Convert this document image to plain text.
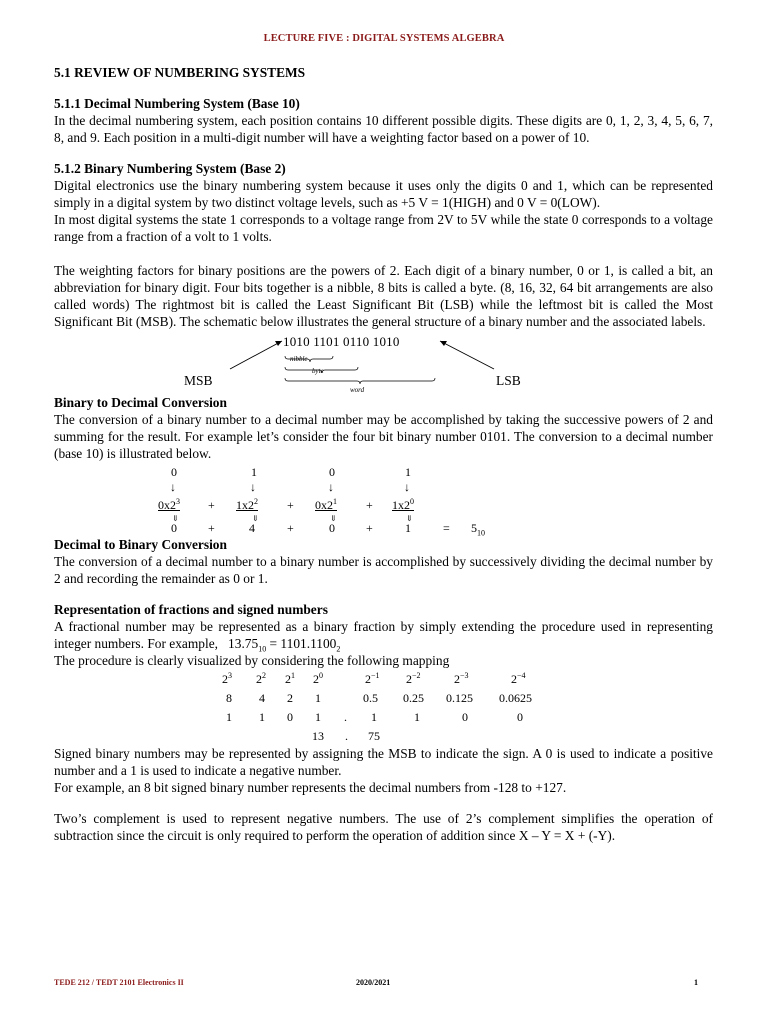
LECTURE FIVE : DIGITAL SYSTEMS ALGEBRA
5.1 REVIEW OF NUMBERING SYSTEMS
5.1.1 Decimal Numbering System (Base 10)

In the decimal numbering system, each position contains 10 different possible digits. These digits are 0, 1, 2, 3, 4, 5, 6, 7, 8, and 9. Each position in a multi-digit number will have a weighting factor based on a power of 10.

5.1.2 Binary Numbering System (Base 2)

Digital electronics use the binary numbering system because it uses only the digits 0 and 1, which can be represented simply in a digital system by two distinct voltage levels, such as +5 V = 1(HIGH) and 0 V = 0(LOW).

In most digital systems the state 1 corresponds to a voltage range from 2V to 5V while the state 0 corresponds to a voltage range from a fraction of a volt to 1 volts.

The weighting factors for binary positions are the powers of 2. Each digit of a binary number, 0 or 1, is called a bit, an abbreviation for binary digit. Four bits together is a nibble, 8 bits is called a byte. (8, 16, 32, 64 bit arrangements are also called words) The rightmost bit is called the Least Significant Bit (LSB) while the leftmost bit is called the Most Significant Bit (MSB). The schematic below illustrates the general structure of a binary number and the associated labels.

1010 1101 0110 1010
nibble
byte
word
MSB	LSB
Binary to Decimal Conversion

The conversion of a binary number to a decimal number may be accomplished by taking the successive powers of 2 and summing for the result. For example let’s consider the four bit binary number 0101. The conversion to a decimal number (base 10) is illustrated below.

0	1	0	1
↓	↓	↓	↓
$0x2^3 + 1x2^2 + 0x2^1 + 1x2^0$
⇓	⇓	⇓	⇓
0	+	4	+	0	+	1	= $5_{10}$
Decimal to Binary Conversion

The conversion of a decimal number to a binary number is accomplished by successively dividing the decimal number by 2 and recording the remainder as 0 or 1.

Representation of fractions and signed numbers

A fractional number may be represented as a binary fraction by simply extending the procedure used in representing integer numbers. For example, $13.75_{10} = 1101.1100_2$

The procedure is clearly visualized by considering the following mapping

$2^3$ $2^2$ $2^1$ $2^0$	$2^{-1}$ $2^{-2}$	$2^{-3}$	$2^{-4}$
8 4 2 1	0.5 0.25 0.125 0.0625
1 1 0 1 . 1	1	0	0
13 . 75

Signed binary numbers may be represented by assigning the MSB to indicate the sign. A 0 is used to indicate a positive number and a 1 is used to indicate a negative number.

For example, an 8 bit signed binary number represents the decimal numbers from -128 to +127.

Two’s complement is used to represent negative numbers. The use of 2’s complement simplifies the operation of subtraction since the circuit is only required to perform the operation of addition since X – Y = X + (-Y).

TEDE 212 / TEDT 2101 Electronics II	2020/2021	1
